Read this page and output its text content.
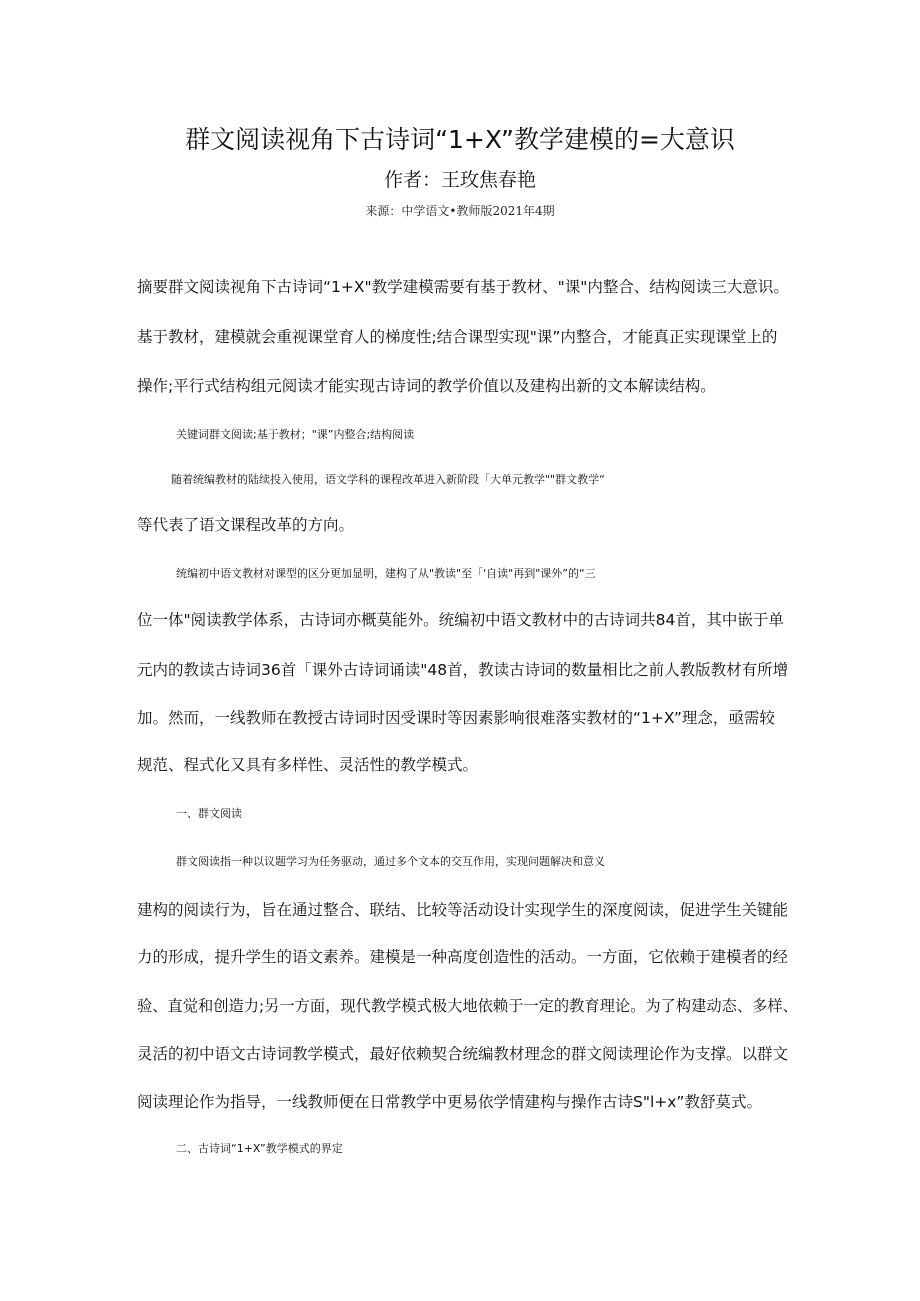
群文阅读视角下古诗词“1+X”教学建模的=大意识
作者：王玫焦春艳
来源：中学语文•教师版2021年4期
摘要群文阅读视角下古诗词“1+X"教学建模需要有基于教材、"课"内整合、结构阅读三大意识。
基于教材，建模就会重视课堂育人的梯度性;结合课型实现"课”内整合，才能真正实现课堂上的
操作;平行式结构组元阅读才能实现古诗词的教学价值以及建构出新的文本解读结构。
关键词群文阅读;基于教材；"课”内整合;结构阅读
随着统编教材的陆续投入使用，语文学科的课程改革进入新阶段「大单元教学""群文教学“
等代表了语文课程改革的方向。
统编初中语文教材对课型的区分更加显明，建构了从"教读"至「'自读"再到"课外”的“三
位一体"阅读教学体系，古诗词亦概莫能外。统编初中语文教材中的古诗词共84首，其中嵌于单
元内的教读古诗词36首「课外古诗词诵读"48首，教读古诗词的数量相比之前人教版教材有所增
加。然而，一线教师在教授古诗词时因受课时等因素影响很难落实教材的“1+X”理念，亟需较
规范、程式化又具有多样性、灵活性的教学模式。
一、群文阅读
群文阅读指一种以议题学习为任务驱动，通过多个文本的交互作用，实现问题解决和意义
建构的阅读行为，旨在通过整合、联结、比较等活动设计实现学生的深度阅读，促进学生关键能
力的形成，提升学生的语文素养。建模是一种高度创造性的活动。一方面，它依赖于建模者的经
验、直觉和创造力;另一方面，现代教学模式极大地依赖于一定的教育理论。为了构建动态、多样、
灵活的初中语文古诗词教学模式，最好依赖契合统编教材理念的群文阅读理论作为支撑。以群文
阅读理论作为指导，一线教师便在日常教学中更易依学情建构与操作古诗S"l+x”教舒莫式。
二、古诗词“1+X”教学模式的界定
